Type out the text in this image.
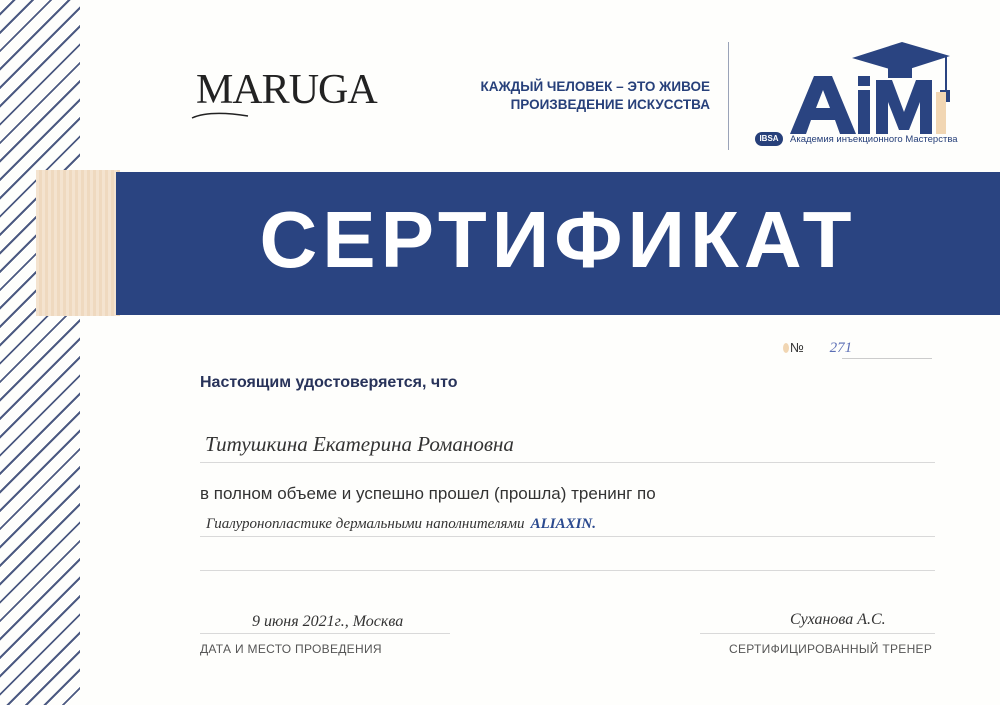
MARUGA	КАЖДЫЙ ЧЕЛОВЕК – ЭТО ЖИВОЕ
ПРОИЗВЕДЕНИЕ ИСКУССТВА
IBSA	Академия инъекционного Мастерства
СЕРТИФИКАТ
№ 271
Настоящим удостоверяется, что
Титушкина Екатерина Романовна
в полном объеме и успешно прошел (прошла) тренинг по
Гиалуронопластике дермальными наполнителями ALIAXIN.
9 июня 2021г., Москва
ДАТА И МЕСТО ПРОВЕДЕНИЯ
Суханова А.С.
СЕРТИФИЦИРОВАННЫЙ ТРЕНЕР
